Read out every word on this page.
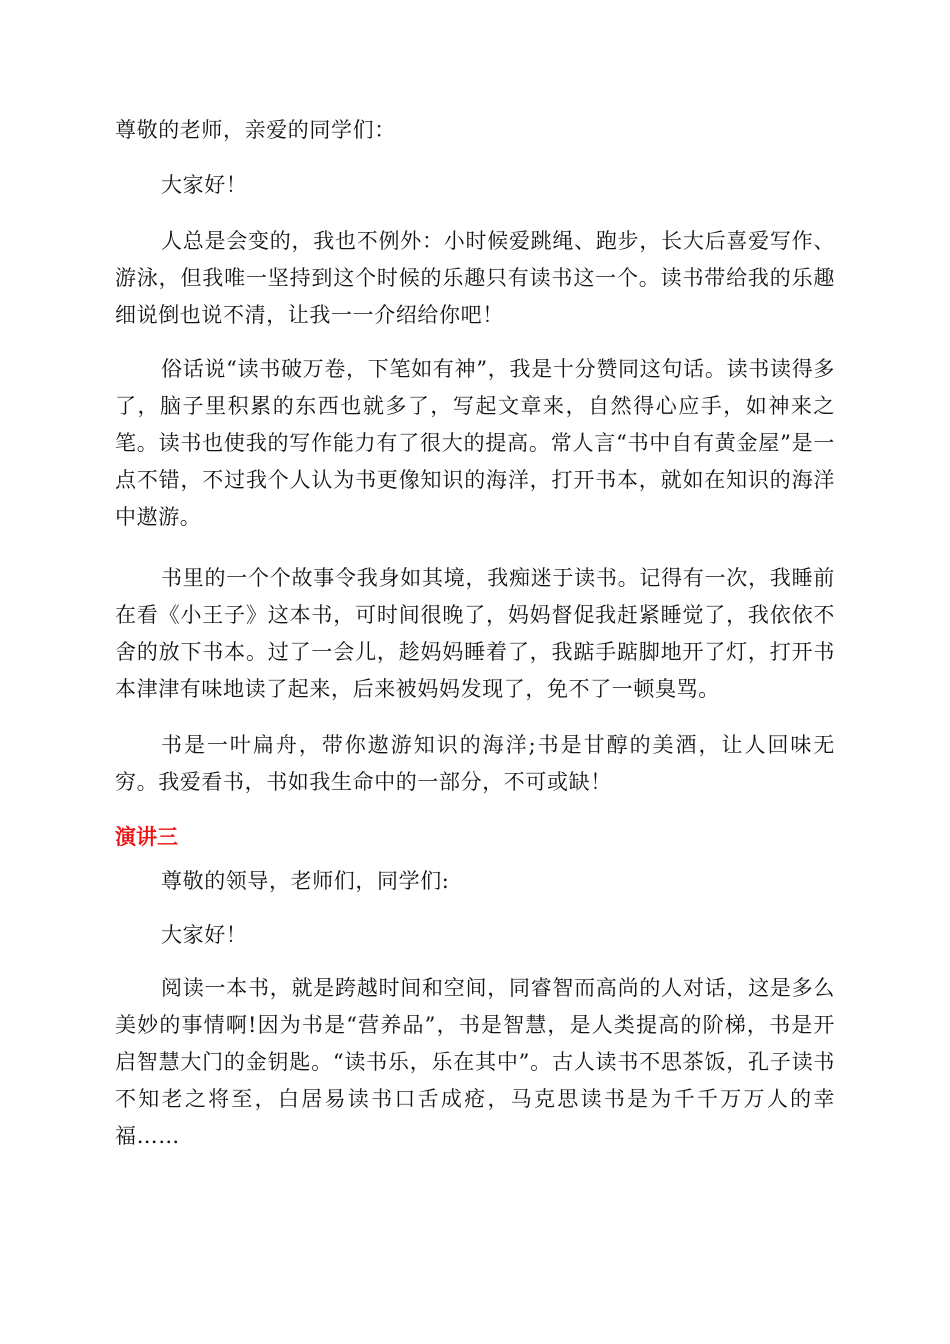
尊敬的老师，亲爱的同学们：

大家好！

人总是会变的，我也不例外：小时候爱跳绳、跑步，长大后喜爱写作、游泳，但我唯一坚持到这个时候的乐趣只有读书这一个。读书带给我的乐趣细说倒也说不清，让我一一介绍给你吧！

俗话说“读书破万卷，下笔如有神”，我是十分赞同这句话。读书读得多了，脑子里积累的东西也就多了，写起文章来，自然得心应手，如神来之笔。读书也使我的写作能力有了很大的提高。常人言“书中自有黄金屋”是一点不错，不过我个人认为书更像知识的海洋，打开书本，就如在知识的海洋中遨游。

书里的一个个故事令我身如其境，我痴迷于读书。记得有一次，我睡前在看《小王子》这本书，可时间很晚了，妈妈督促我赶紧睡觉了，我依依不舍的放下书本。过了一会儿，趁妈妈睡着了，我踮手踮脚地开了灯，打开书本津津有味地读了起来，后来被妈妈发现了，免不了一顿臭骂。

书是一叶扁舟，带你遨游知识的海洋;书是甘醇的美酒，让人回味无穷。我爱看书，书如我生命中的一部分，不可或缺！

演讲三

尊敬的领导，老师们，同学们:

大家好！

阅读一本书，就是跨越时间和空间，同睿智而高尚的人对话，这是多么美妙的事情啊!因为书是“营养品”，书是智慧，是人类提高的阶梯，书是开启智慧大门的金钥匙。“读书乐，乐在其中”。古人读书不思茶饭，孔子读书不知老之将至，白居易读书口舌成疮，马克思读书是为千千万万人的幸福……
